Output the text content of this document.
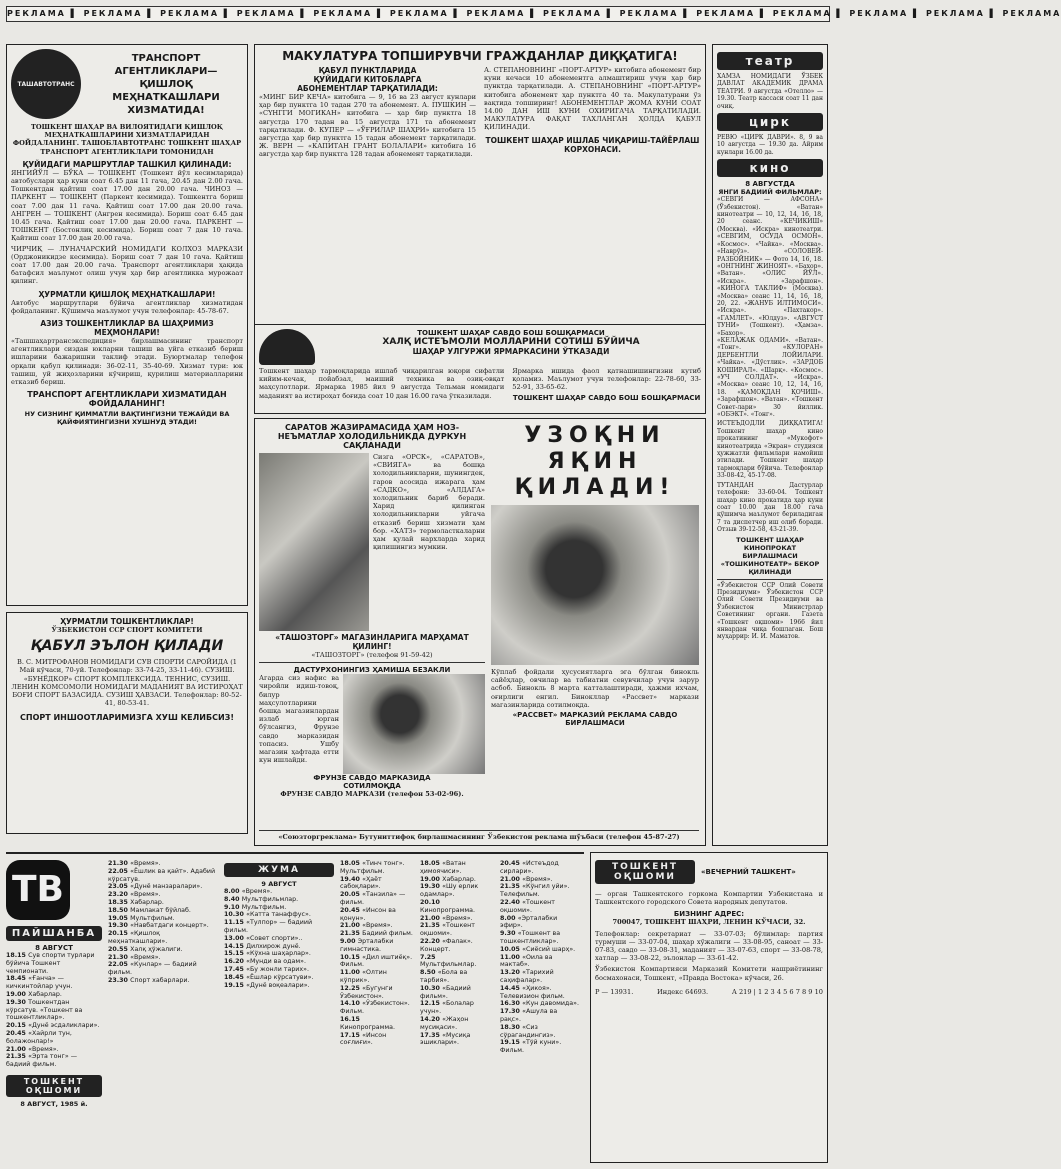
РЕКЛАМА ▌ РЕКЛАМА ▌ РЕКЛАМА ▌ РЕКЛАМА ▌ РЕКЛАМА ▌ РЕКЛАМА ▌ РЕКЛАМА ▌ РЕКЛАМА ▌ РЕКЛАМА ▌ РЕКЛАМА ▌ РЕКЛАМА ▌ РЕКЛАМА ▌ РЕКЛАМА ▌ РЕКЛАМА
ТАШАВТОТРАНС
ТРАНСПОРТ АГЕНТЛИКЛАРИ— ҚИШЛОҚ МЕҲНАТКАШЛАРИ ХИЗМАТИДА!
ТОШКЕНТ ШАҲАР ВА ВИЛОЯТИДАГИ ҚИШЛОҚ МЕҲНАТКАШЛАРИНИ ХИЗМАТЛАРИДАН ФОЙДАЛАНИНГ. ТАШОБЛАВТОТРАНС ТОШКЕНТ ШАҲАР ТРАНСПОРТ АГЕНТЛИКЛАРИ ТОМОНИДАН
ҚУЙИДАГИ МАРШРУТЛАР ТАШКИЛ ҚИЛИНАДИ:
ЯНГИЙЎЛ — БЎКА — ТОШКЕНТ (Тошкент йўл кесимларида) автобуслари ҳар куни соат 6.45 дан 11 гача, 20.45 дан 2.00 гача. Тошкентдан қайтиш соат 17.00 дан 20.00 гача. ЧИНОЗ — ПАРКЕНТ — ТОШКЕНТ (Паркент кесимида). Тошкентга бориш соат 7.00 дан 11 гача. Қайтиш соат 17.00 дан 20.00 гача. АНГРЕН — ТОШКЕНТ (Ангрен кесимида). Бориш соат 6.45 дан 10.45 гача. Қайтиш соат 17.00 дан 20.00 гача. ПАРКЕНТ — ТОШКЕНТ (Бостонлиқ кесимида). Бориш соат 7 дан 10 гача. Қайтиш соат 17.00 дан 20.00 гача.
ЧИРЧИҚ — ЛУНАЧАРСКИЙ НОМИДАГИ КОЛХОЗ МАРКАЗИ (Орджоникидзе кесимида). Бориш соат 7 дан 10 гача. Қайтиш соат 17.00 дан 20.00 гача. Транспорт агентликлари ҳақида батафсил маълумот олиш учун ҳар бир агентликка мурожаат қилинг.
ҲУРМАТЛИ ҚИШЛОҚ МЕҲНАТКАШЛАРИ!
Автобус маршрутлари бўйича агентликлар хизматидан фойдаланинг. Қўшимча маълумот учун телефонлар: 45-78-67.
АЗИЗ ТОШКЕНТЛИКЛАР ВА ШАҲРИМИЗ МЕҲМОНЛАРИ!
«Ташшаҳартрансэкспедиция» бирлашмасининг транспорт агентликлари сиздан юкларни ташиш ва уйга етказиб бериш ишларини бажаришни таклиф этади. Буюртмалар телефон орқали қабул қилинади: 36-02-11, 35-40-69. Хизмат тури: юк ташиш, уй жиҳозларини кўчириш, қурилиш материалларини етказиб бериш.
ТРАНСПОРТ АГЕНТЛИКЛАРИ ХИЗМАТИДАН ФОЙДАЛАНИНГ!
НУ СИЗНИНГ ҚИММАТЛИ ВАҚТИНГИЗНИ ТЕЖАЙДИ ВА ҚАЙФИЯТИНГИЗНИ ХУШНУД ЭТАДИ!
ҲУРМАТЛИ ТОШКЕНТЛИКЛАР!
ЎЗБЕКИСТОН ССР СПОРТ КОМИТЕТИ
ҚАБУЛ ЭЪЛОН ҚИЛАДИ
В. С. МИТРОФАНОВ НОМИДАГИ СУВ СПОРТИ САРОЙИДА (1 Май кўчаси, 70-уй. Телефонлар: 33-74-25, 33-11-46). СУЗИШ. «БУНЁДКОР» СПОРТ КОМПЛЕКСИДА. ТЕННИС, СУЗИШ. ЛЕНИН КОМСОМОЛИ НОМИДАГИ МАДАНИЯТ ВА ИСТИРОҲАТ БОҒИ СПОРТ БАЗАСИДА. СУЗИШ ҲАВЗАСИ. Телефонлар: 80-52-41, 80-53-41.
СПОРТ ИНШООТЛАРИМИЗГА ХУШ КЕЛИБСИЗ!
МАКУЛАТУРА ТОПШИРУВЧИ ГРАЖДАНЛАР ДИҚҚАТИГА!
ҚАБУЛ ПУНКТЛАРИДА
ҚУЙИДАГИ КИТОБЛАРГА
АБОНЕМЕНТЛАР ТАРҚАТИЛАДИ:
«МИНГ БИР КЕЧА» китобига — 9, 16 ва 23 август кунлари ҳар бир пунктга 10 тадан 270 та абонемент. А. ПУШКИН — «СҮНГГИ МОГИКАН» китобига — ҳар бир пунктга 18 августда 170 тадан ва 15 августда 171 та абонемент тарқатилади. Ф. КУПЕР — «ЎҒРИЛАР ШАҲРИ» китобига 15 августда ҳар бир пунктга 15 тадан абонемент тарқатилади. Ж. ВЕРН — «КАПИТАН ГРАНТ БОЛАЛАРИ» китобига 16 августда ҳар бир пунктга 128 тадан абонемент тарқатилади.
А. СТЕПАНОВНИНГ «ПОРТ-АРТУР» китобига абонемент бир куни кечаси 10 абонементга алмаштириш учун ҳар бир пунктда тарқатилади. А. СТЕПАНОВНИНГ «ПОРТ-АРТУР» китобига абонемент ҳар пунктга 40 та. Макулатурани ўз вақтида топширинг! АБОНЕМЕНТЛАР ЖОМА КУНИ СОАТ 14.00 ДАН ИШ КУНИ ОХИРИГАЧА ТАРҚАТИЛАДИ. МАКУЛАТУРА ФАҚАТ ТАХЛАНГАН ҲОЛДА ҚАБУЛ ҚИЛИНАДИ.
ТОШКЕНТ ШАҲАР ИШЛАБ ЧИҚАРИШ-ТАЙЁРЛАШ КОРХОНАСИ.
ТОШКЕНТ ШАҲАР САВДО БОШ БОШҚАРМАСИ
ХАЛҚ ИСТЕЪМОЛИ МОЛЛАРИНИ СОТИШ БЎЙИЧА
ШАҲАР УЛГУРЖИ ЯРМАРКАСИНИ ЎТКАЗАДИ
Тошкент шаҳар тармоқларида ишлаб чиқарилган юқори сифатли кийим-кечак, пойабзал, маиший техника ва озиқ-овқат маҳсулотлари. Ярмарка 1985 йил 9 августда Тельман номидаги маданият ва истироҳат боғида соат 10 дан 16.00 гача ўтказилади.
Ярмарка ишида фаол қатнашишингизни кутиб қоламиз. Маълумот учун телефонлар: 22-78-60, 33-52-91, 33-65-62.
ТОШКЕНТ ШАҲАР САВДО БОШ БОШҚАРМАСИ
САРАТОВ ЖАЗИРАМАСИДА ҲАМ НОЗ-НЕЪМАТЛАР ХОЛОДИЛЬНИКДА ДУРКУН САҚЛАНАДИ
Сизга «ОРСК», «САРАТОВ», «СВИЯГА» ва бошқа холодильникларни, шунингдек, гаров асосида ижарага ҳам «САДКО», «АЛДАГА» холодильник бариб беради. Харид қилинган холодильникларни уйгача етказиб бериш хизмати ҳам бор. «ХАТЗ» термоласткаларни ҳам қулай нархларда харид қилишингиз мумкин.
«ТАШОЗТОРГ» МАГАЗИНЛАРИГА МАРҲАМАТ ҚИЛИНГ!
«ТАШОЗТОРГ» (телефон 91-59-42)
ДАСТУРХОНИНГИЗ ҲАМИША БЕЗАКЛИ
Агарда сиз нафис ва чиройли идиш-товоқ, билур маҳсулотларини бошқа магазинлардан излаб юрган бўлсангиз, Фрунзе савдо марказидан топасиз. Ушбу магазин ҳафтада етти кун ишлайди.
ФРУНЗЕ САВДО МАРКАЗИДА
СОТИЛМОҚДА
ФРУНЗЕ САВДО МАРКАЗИ (телефон 53-02-96).
УЗОҚНИ ЯҚИН ҚИЛАДИ!
Кўплаб фойдали ҳусусиятларга эга бўлган бинокль сайёҳлар, овчилар ва табиатни севувчилар учун зарур асбоб. Бинокль 8 марта катталаштиради, ҳажми ихчам, оғирлиги енгил. Бинокллар «Рассвет» маркази магазинларида сотилмоқда.
«РАССВЕТ» МАРКАЗИЙ РЕКЛАМА САВДО БИРЛАШМАСИ
«Союзторгреклама» Бутуниттифоқ бирлашмасининг Ўзбекистон реклама шўъбаси (телефон 45-87-27)
театр
ХАМЗА НОМИДАГИ ЎЗБЕК ДАВЛАТ АКАДЕМИК ДРАМА ТЕАТРИ. 9 августда «Отелло» — 19.30. Театр кассаси соат 11 дан очиқ.
цирк
РЕВЮ «ЦИРК ДАВРИ». 8, 9 ва 10 августда — 19.30 да. Айрим кунлари 16.00 да.
кино
8 АВГУСТДА
ЯНГИ БАДИИЙ ФИЛЬМЛАР:
«СЕВГИ — АФСОНА» (Ўзбекистон). «Ватан» кинотеатри — 10, 12, 14, 16, 18, 20 сеанс. «КЕЧИКИШ» (Москва). «Искра» кинотеатри. «СЕВГИМ, ОСУДА ОСМОН». «Космос». «Чайка». «Москва». «Наврўз». «СОЛОВЕЙ-РАЗБОЙНИК» — Фото 14, 16, 18. «ОНГНИНГ ЖИНОЯТ». «Бахор». «Ватан». «ОЛИС ЙЎЛ». «Искра». «Зарафшон». «КИНОГА ТАКЛИФ» (Москва). «Москва» сеанс 11, 14, 16, 18, 20, 22. «ЖАНУБ ИЛТИМОСИ». «Искра». «Пахтакор». «ГАМЛЕТ». «Юлдуз». «АВГУСТ ТУНИ» (Тошкент). «Ҳамза». «Бахор».
«КЕЛАЖАК ОДАМИ». «Ватан». «Тонг». «КУЛОРАН» ДЕРБЕНТЛИ ЛОЙИЛАРИ. «Чайка». «Дўстлик». «ЗАРДОБ КОШИРАЛ». «Шарқ». «Космос». «УЧ СОЛДАТ». «Искра». «Москва» сеанс 10, 12, 14, 16, 18. «ҚАМОҚДАН ҚОЧИШ». «Зарафшон». «Ватан». «Тошкент Совет-лари» 30 йиллик. «ОБЭКТ». «Тонг».
ИСТЕЪДОДЛИ ДИҚҚАТИГА! Тошкент шаҳар кино прокатининг «Мукофот» кинотеатрида «Экран» студияси ҳужжатли фильмлари намойиш этилади. Тошкент шаҳар тармоқлари бўйича. Телефонлар 33-08-42, 45-17-08.
ТУТАНДАН Дастурлар телефони: 33-60-04. Тошкент шаҳар кино прокатида ҳар куни соат 10.00 дан 18.00 гача қўшимча маълумот бериладиган 7 та диспетчер иш олиб боради. Отзыв 39-12-58, 43-21-39.
ТОШКЕНТ ШАҲАР КИНОПРОКАТ БИРЛАШМАСИ
«ТОШКИНОТЕАТР» БЕКОР ҚИЛИНАДИ
«Ўзбекистон ССР Олий Совети Президиуми» Ўзбекистон ССР Олий Совети Президиуми ва Ўзбекистон Министрлар Советининг органи. Газета «Тошкент оқшоми» 1966 йил январдан чиқа бошлаган. Бош муҳаррир: И. И. Маматов.
ТВ
ПАЙШАНБА
8 АВГУСТ
18.15 Сув спорти турлари бўйича Тошкент чемпионати.
18.45 «Ғанча» — кичкинтойлар учун.
19.00 Хабарлар.
19.30 Тошкентдан кўрсатув. «Тошкент ва тошкентликлар».
20.15 «Дунё эсдаликлари».
20.45 «Хайрли тун, болажонлар!»
21.00 «Время».
21.35 «Эрта тонг» — бадиий фильм.
ТОШКЕНТ ОҚШОМИ
8 АВГУСТ, 1985 й.
21.30 «Время».
22.05 «Ёшлик ва қайт». Адабий кўрсатув.
23.05 «Дунё манзаралари».
23.20 «Время».
18.35 Хабарлар.
18.50 Мамлакат бўйлаб.
19.05 Мультфильм.
19.30 «Навбатдаги концерт».
20.15 «Қишлоқ меҳнаткашлари».
20.55 Халқ ҳўжалиги.
21.30 «Время».
22.05 «Кунлар» — бадиий фильм.
23.30 Спорт хабарлари.
ЖУМА
9 АВГУСТ
8.00 «Время».
8.40 Мультфильмлар.
9.10 Мультфильм.
10.30 «Катта танаффус».
11.15 «Тулпор» — бадиий фильм.
13.00 «Совет спорти»..
14.15 Дилхирож дунё.
15.15 «Кўхна шаҳарлар».
16.20 «Мунди ва одам».
17.45 «Бу жонли тарих».
18.45 «Ёшлар кўрсатуви».
19.15 «Дунё воқеалари».
18.05 «Тинч тонг». Мультфильм.
19.40 «Ҳаёт сабоқлари».
20.05 «Танзила» — фильм.
20.45 «Инсон ва қонун».
21.00 «Время».
21.35 Бадиий фильм.
9.00 Эрталабки гимнастика.
10.15 «Дил иштиёқ». Фильм.
11.00 «Олтин кўприк».
12.25 «Бугунги Ўзбекистон».
14.10 «Ўзбекистон». Фильм.
16.15 Кинопрограмма.
17.15 «Инсон соғлиғи».
18.05 «Ватан ҳимоячиси».
19.00 Хабарлар.
19.30 «Шу ерлик одамлар».
20.10 Кинопрограмма.
21.00 «Время».
21.35 «Тошкент оқшоми».
22.20 «Фалак». Концерт.
7.25 Мультфильмлар.
8.50 «Бола ва тарбия».
10.30 «Бадиий фильм».
12.15 «Болалар учун».
14.20 «Жаҳон мусиқаси».
17.35 «Мусиқа эшиклари».
20.45 «Истеъдод сирлари».
21.00 «Время».
21.35 «Кўнгил уйи». Телефильм.
22.40 «Тошкент оқшоми».
8.00 «Эрталабки эфир».
9.30 «Тошкент ва тошкентликлар».
10.05 «Сиёсий шарҳ».
11.00 «Оила ва мактаб».
13.20 «Тарихий саҳифалар».
14.45 «Ҳикоя». Телевизион фильм.
16.30 «Кун давомида».
17.30 «Ашула ва рақс».
18.30 «Сиз сўрагандингиз».
19.15 «Тўй куни». Фильм.
ТОШКЕНТ ОҚШОМИ	«ВЕЧЕРНИЙ ТАШКЕНТ»
— орган Ташкентского горкома Компартии Узбекистана и Ташкентского городского Совета народных депутатов.
БИЗНИНГ АДРЕС:
700047, ТОШКЕНТ ШАҲРИ, ЛЕНИН КЎЧАСИ, 32.
Телефонлар: секретариат — 33-07-03; бўлимлар: партия турмуши — 33-07-04, шаҳар хўжалиги — 33-08-95, саноат — 33-07-83, савдо — 33-08-31, маданият — 33-07-63, спорт — 33-08-78, хатлар — 33-08-22, эълонлар — 33-61-42.
Ўзбекистон Компартияси Марказий Комитети нашриётининг босмахонаси, Тошкент, «Правда Востока» кўчаси, 26.
Р — 13931.	Индекс 64693.	А 219 | 1 2 3 4 5 6 7 8 9 10
